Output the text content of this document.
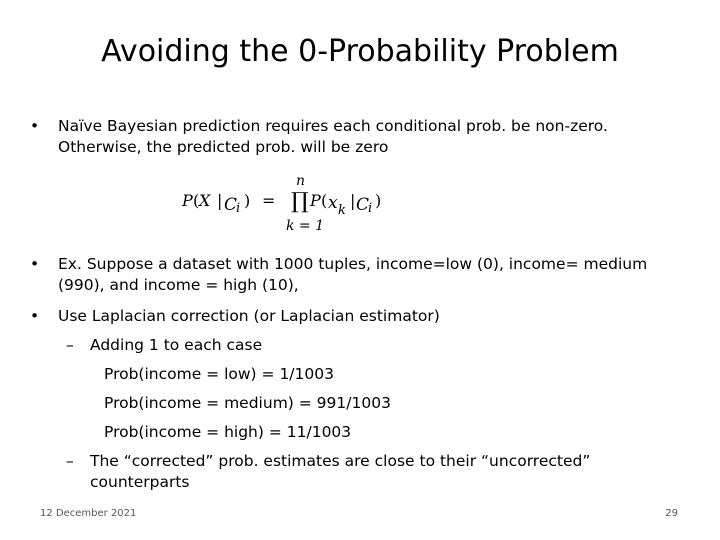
Avoiding the 0-Probability Problem
•	Naïve Bayesian prediction requires each conditional prob. be non-zero.
Otherwise, the predicted prob. will be zero
P ( X | C
i ) =
n
∏
k = 1
P ( x k
| C
i )
•	Ex. Suppose a dataset with 1000 tuples, income=low (0), income= medium
(990), and income = high (10),
•	Use Laplacian correction (or Laplacian estimator)
– Adding 1 to each case
Prob(income = low) = 1/1003
Prob(income = medium) = 991/1003
Prob(income = high) = 11/1003
– The “corrected” prob. estimates are close to their “uncorrected”
counterparts
12 December 2021	29
